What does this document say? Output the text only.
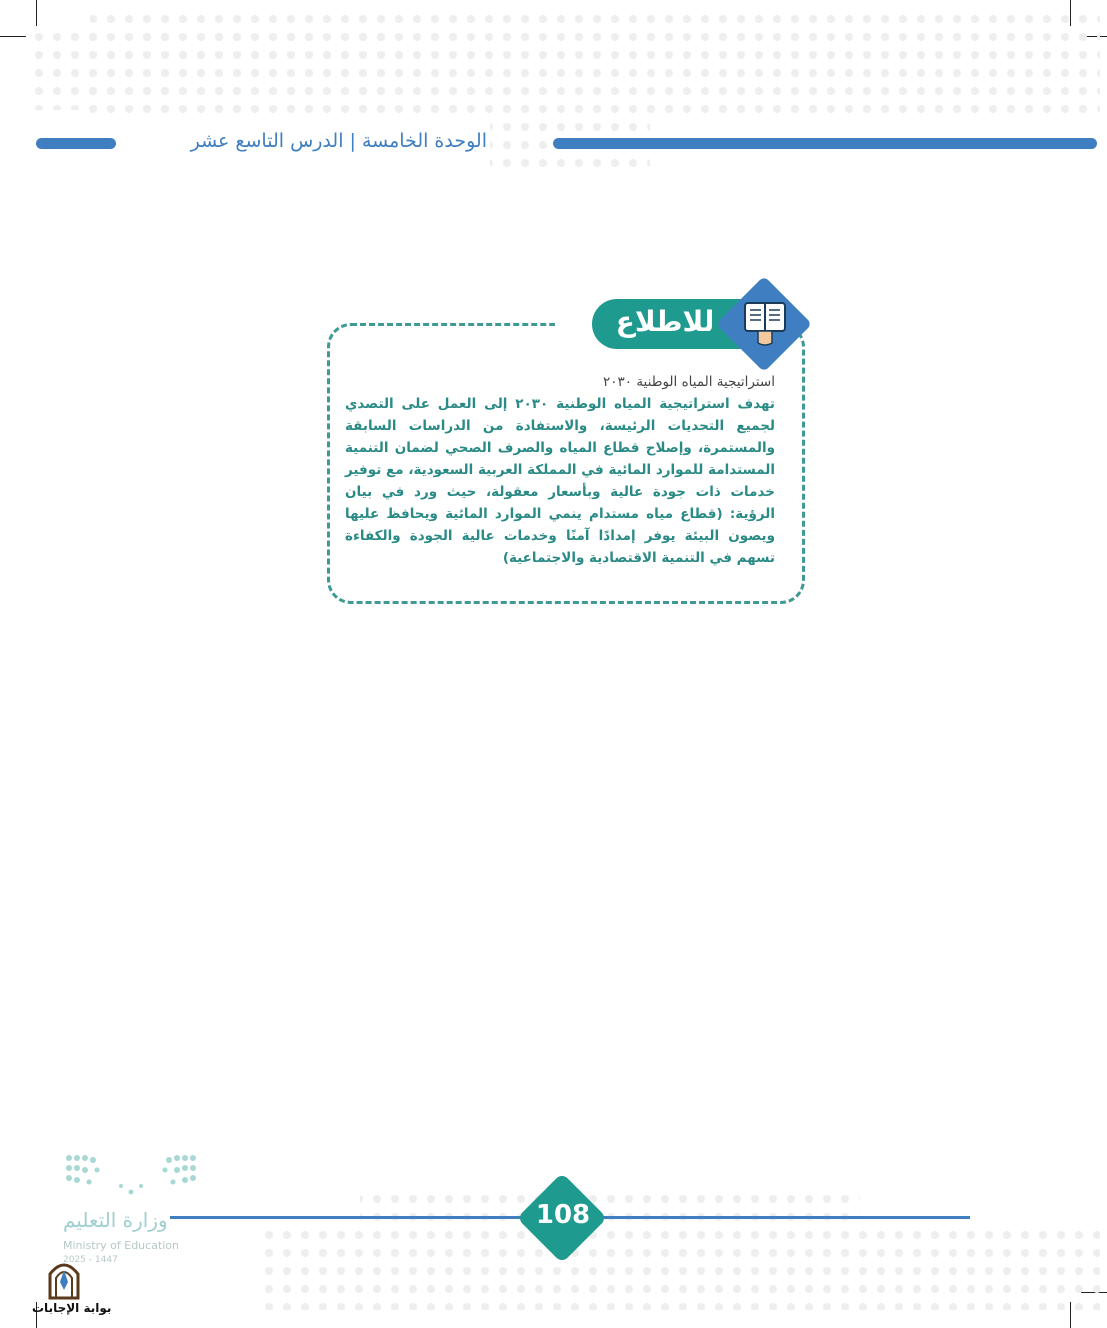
الوحدة الخامسة | الدرس التاسع عشر
للاطلاع
استراتيجية المياه الوطنية ٢٠٣٠
تهدف استراتيجية المياه الوطنية ٢٠٣٠ إلى العمل على التصدي لجميع التحديات الرئيسة، والاستفادة من الدراسات السابقة والمستمرة، وإصلاح قطاع المياه والصرف الصحي لضمان التنمية المستدامة للموارد المائية في المملكة العربية السعودية، مع توفير خدمات ذات جودة عالية وبأسعار معقولة، حيث ورد في بيان الرؤية: (قطاع مياه مستدام ينمي الموارد المائية ويحافظ عليها ويصون البيئة يوفر إمدادًا آمنًا وخدمات عالية الجودة والكفاءة تسهم في التنمية الاقتصادية والاجتماعية)
وزارة التعليم
Ministry of Education
2025 - 1447
108
بوابة الإجابات
